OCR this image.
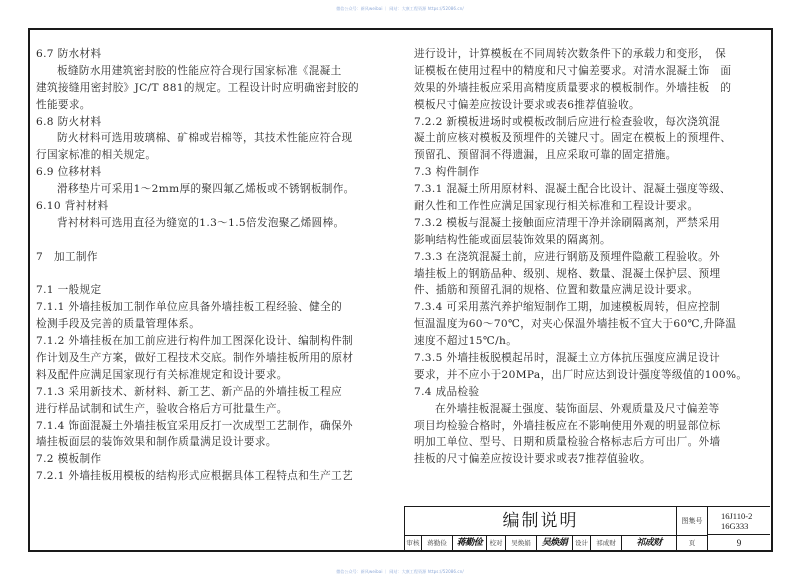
微信公众号：新风weibai ｜ 网站：大康工程资源 https://52086.cn/
6.7 防水材料
板缝防水用建筑密封胶的性能应符合现行国家标准《混凝土
建筑接缝用密封胶》JC/T 881的规定。工程设计时应明确密封胶的
性能要求。
6.8 防火材料
防火材料可选用玻璃棉、矿棉或岩棉等，其技术性能应符合现
行国家标准的相关规定。
6.9 位移材料
滑移垫片可采用1～2mm厚的聚四氟乙烯板或不锈钢板制作。
6.10 背衬材料
背衬材料可选用直径为缝宽的1.3～1.5倍发泡聚乙烯圆棒。
7　加工制作
7.1 一般规定
7.1.1 外墙挂板加工制作单位应具备外墙挂板工程经验、健全的
检测手段及完善的质量管理体系。
7.1.2 外墙挂板在加工前应进行构件加工图深化设计、编制构件制
作计划及生产方案，做好工程技术交底。制作外墙挂板所用的原材
料及配件应满足国家现行有关标准规定和设计要求。
7.1.3 采用新技术、新材料、新工艺、新产品的外墙挂板工程应
进行样品试制和试生产，验收合格后方可批量生产。
7.1.4 饰面混凝土外墙挂板宜采用反打一次成型工艺制作，确保外
墙挂板面层的装饰效果和制作质量满足设计要求。
7.2 模板制作
7.2.1 外墙挂板用模板的结构形式应根据具体工程特点和生产工艺
进行设计，计算模板在不同周转次数条件下的承载力和变形，　保
证模板在使用过程中的精度和尺寸偏差要求。对清水混凝土饰　面
效果的外墙挂板应采用高精度质量要求的模板制作。外墙挂板　的
模板尺寸偏差应按设计要求或表6推荐值验收。
7.2.2 新模板进场时或模板改制后应进行检查验收，每次浇筑混
凝土前应核对模板及预埋件的关键尺寸。固定在模板上的预埋件、
预留孔、预留洞不得遗漏，且应采取可靠的固定措施。
7.3 构件制作
7.3.1 混凝土所用原材料、混凝土配合比设计、混凝土强度等级、
耐久性和工作性应满足国家现行相关标准和工程设计要求。
7.3.2 模板与混凝土接触面应清理干净并涂刷隔离剂，严禁采用
影响结构性能或面层装饰效果的隔离剂。
7.3.3 在浇筑混凝土前，应进行钢筋及预埋件隐蔽工程验收。外
墙挂板上的钢筋品种、级别、规格、数量、混凝土保护层、预埋
件、插筋和预留孔洞的规格、位置和数量应满足设计要求。
7.3.4 可采用蒸汽养护缩短制作工期，加速模板周转，但应控制
恒温温度为60～70℃，对夹心保温外墙挂板不宜大于60℃,升降温
速度不超过15℃/h。
7.3.5 外墙挂板脱模起吊时，混凝土立方体抗压强度应满足设计
要求，并不应小于20MPa，出厂时应达到设计强度等级值的100%。
7.4 成品检验
在外墙挂板混凝土强度、装饰面层、外观质量及尺寸偏差等
项目均检验合格时，外墙挂板应在不影响使用外观的明显部位标
明加工单位、型号、日期和质量检验合格标志后方可出厂。外墙
挂板的尺寸偏差应按设计要求或表7推荐值验收。
编制说明	图集号	16J110-2
16G333
审核	蒋勤俭	蒋勤俭	校对	吴焕娟	吴焕娟	设计	祁成财	祁成财	页	9
微信公众号：新风weibai ｜ 网站：大康工程资源 https://52086.cn/
